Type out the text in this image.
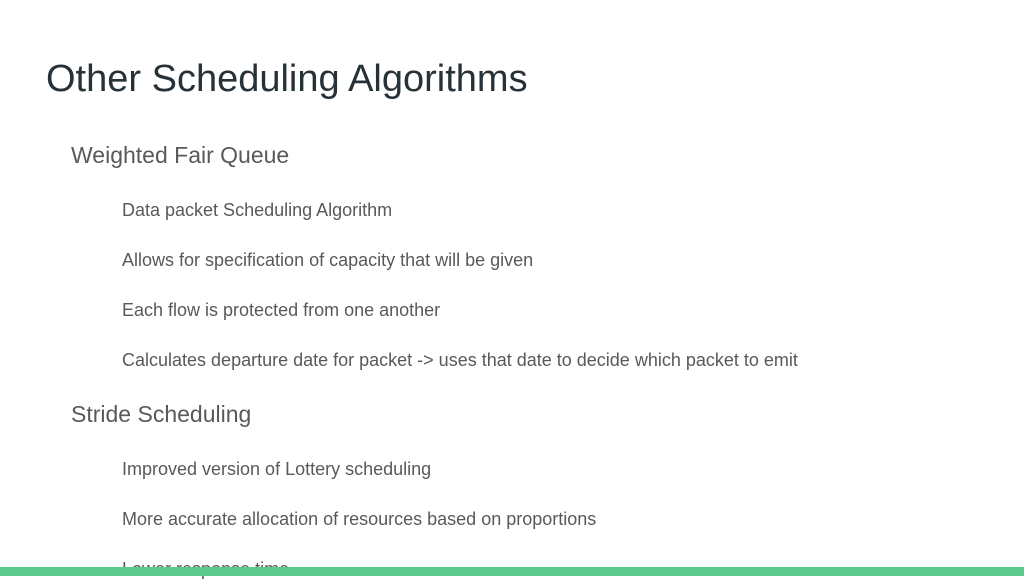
Other Scheduling Algorithms
Weighted Fair Queue

Data packet Scheduling Algorithm

Allows for specification of capacity that will be given

Each flow is protected from one another

Calculates departure date for packet -> uses that date to decide which packet to emit

Stride Scheduling

Improved version of Lottery scheduling

More accurate allocation of resources based on proportions
